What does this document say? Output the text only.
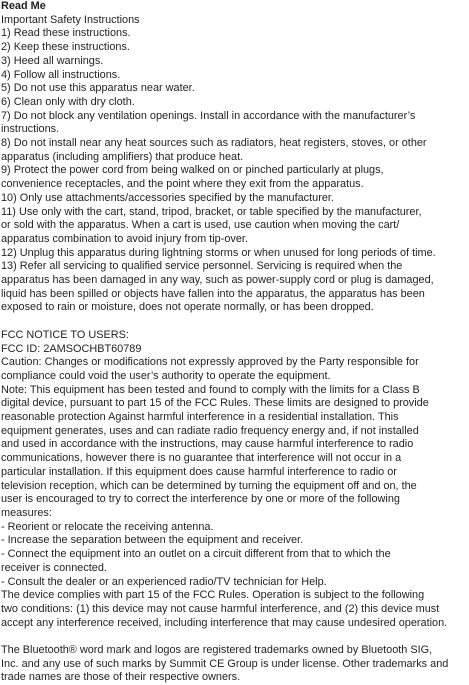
Read Me
Important Safety Instructions
1) Read these instructions.
2) Keep these instructions.
3) Heed all warnings.
4) Follow all instructions.
5) Do not use this apparatus near water.
6) Clean only with dry cloth.
7) Do not block any ventilation openings. Install in accordance with the manufacturer’s
instructions.
8) Do not install near any heat sources such as radiators, heat registers, stoves, or other
apparatus (including amplifiers) that produce heat.
9) Protect the power cord from being walked on or pinched particularly at plugs,
convenience receptacles, and the point where they exit from the apparatus.
10) Only use attachments/accessories specified by the manufacturer.
11) Use only with the cart, stand, tripod, bracket, or table specified by the manufacturer,
or sold with the apparatus. When a cart is used, use caution when moving the cart/
apparatus combination to avoid injury from tip-over.
12) Unplug this apparatus during lightning storms or when unused for long periods of time.
13) Refer all servicing to qualified service personnel. Servicing is required when the
apparatus has been damaged in any way, such as power-supply cord or plug is damaged,
liquid has been spilled or objects have fallen into the apparatus, the apparatus has been
exposed to rain or moisture, does not operate normally, or has been dropped.
FCC NOTICE TO USERS:
FCC ID: 2AMSOCHBT60789
Caution: Changes or modifications not expressly approved by the Party responsible for
compliance could void the user’s authority to operate the equipment.
Note: This equipment has been tested and found to comply with the limits for a Class B
digital device, pursuant to part 15 of the FCC Rules. These limits are designed to provide
reasonable protection Against harmful interference in a residential installation. This
equipment generates, uses and can radiate radio frequency energy and, if not installed
and used in accordance with the instructions, may cause harmful interference to radio
communications, however there is no guarantee that interference will not occur in a
particular installation. If this equipment does cause harmful interference to radio or
television reception, which can be determined by turning the equipment off and on, the
user is encouraged to try to correct the interference by one or more of the following
measures:
- Reorient or relocate the receiving antenna.
- Increase the separation between the equipment and receiver.
- Connect the equipment into an outlet on a circuit different from that to which the
receiver is connected.
- Consult the dealer or an experienced radio/TV technician for Help.
The device complies with part 15 of the FCC Rules. Operation is subject to the following
two conditions: (1) this device may not cause harmful interference, and (2) this device must
accept any interference received, including interference that may cause undesired operation.
The Bluetooth® word mark and logos are registered trademarks owned by Bluetooth SIG,
Inc. and any use of such marks by Summit CE Group is under license. Other trademarks and
trade names are those of their respective owners.
